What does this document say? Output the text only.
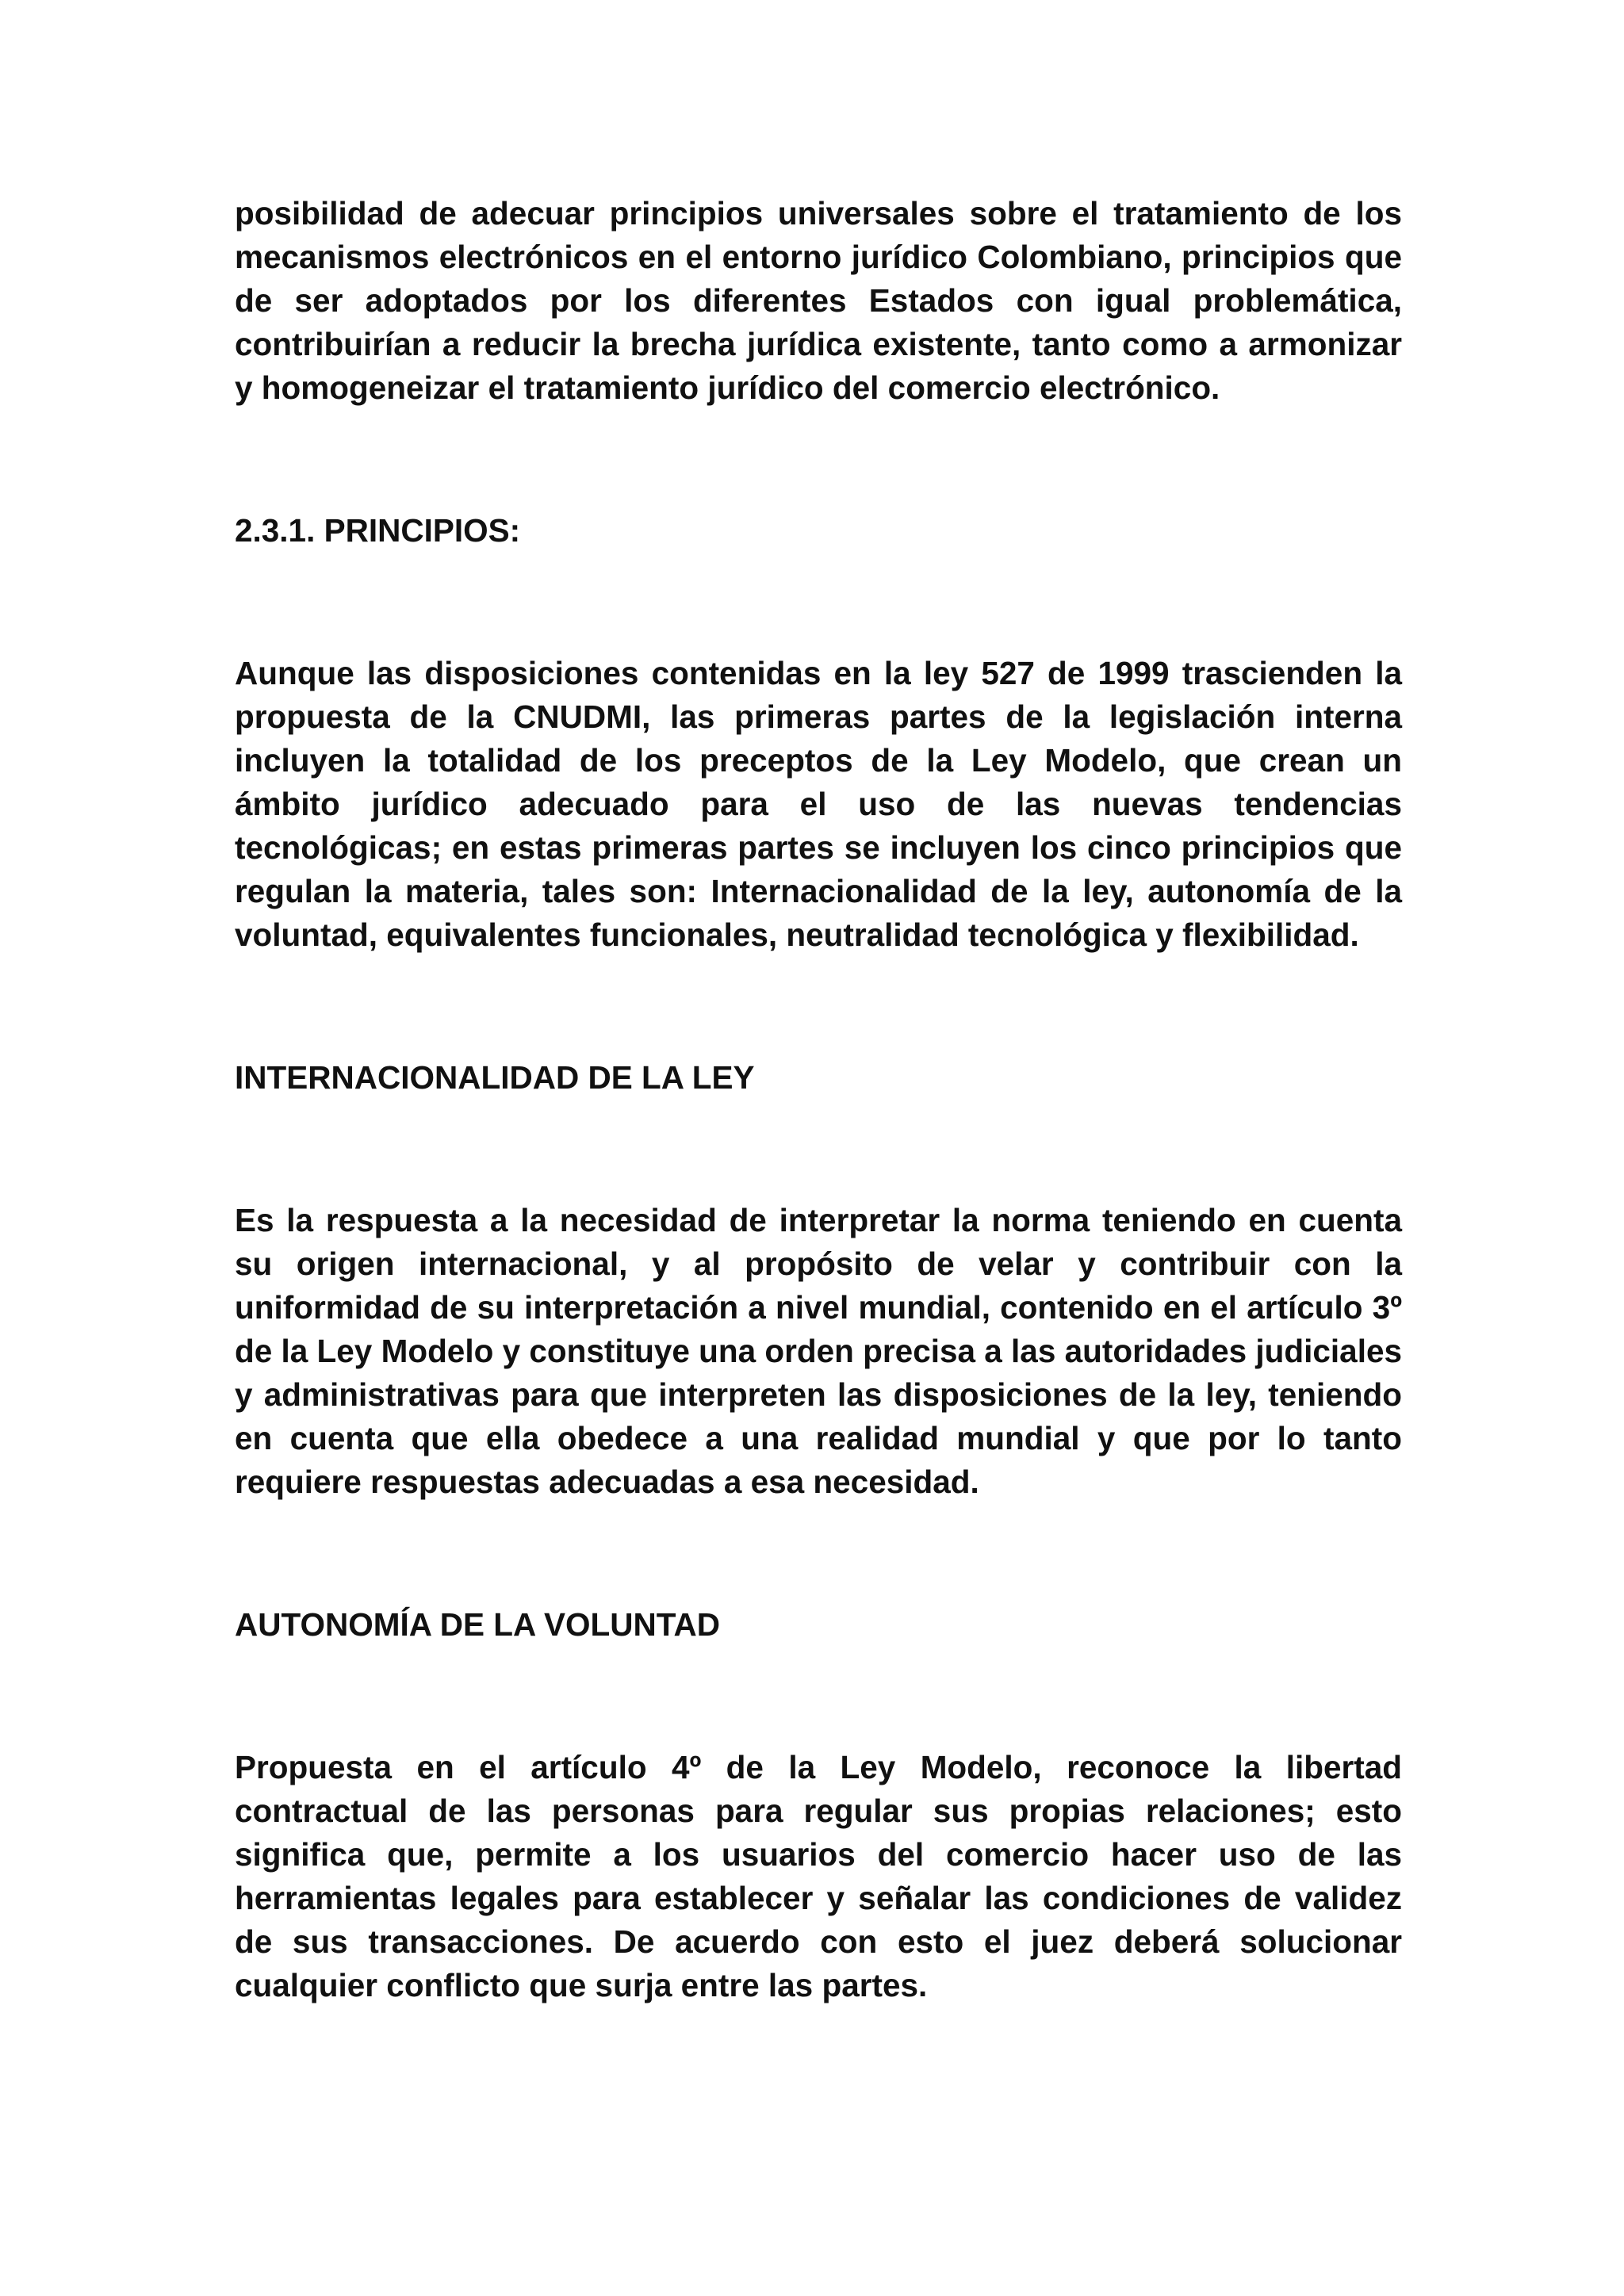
posibilidad de adecuar principios universales sobre el tratamiento de los mecanismos electrónicos en el entorno jurídico Colombiano, principios que de ser adoptados por los diferentes Estados con igual problemática, contribuirían a reducir la brecha jurídica existente, tanto como a armonizar y homogeneizar el tratamiento jurídico del comercio electrónico.

2.3.1. PRINCIPIOS:

Aunque las disposiciones contenidas en la ley 527 de 1999 trascienden la propuesta de la CNUDMI, las primeras partes de la legislación interna incluyen la totalidad de los preceptos de la Ley Modelo, que crean un ámbito jurídico adecuado para el uso de las nuevas tendencias tecnológicas; en estas primeras partes se incluyen los cinco principios que regulan la materia, tales son: Internacionalidad de la ley, autonomía de la voluntad, equivalentes funcionales, neutralidad tecnológica y flexibilidad.

INTERNACIONALIDAD DE LA LEY

Es la respuesta a la necesidad de interpretar la norma teniendo en cuenta su origen internacional, y al propósito de velar y contribuir con la uniformidad de su interpretación a nivel mundial, contenido en el artículo 3º de la Ley Modelo y constituye una orden precisa a las autoridades judiciales y administrativas para que interpreten las disposiciones de la ley, teniendo en cuenta que ella obedece a una realidad mundial y que por lo tanto requiere respuestas adecuadas a esa necesidad.

AUTONOMÍA DE LA VOLUNTAD

Propuesta en el artículo 4º de la Ley Modelo, reconoce la libertad contractual de las personas para regular sus propias relaciones; esto significa que, permite a los usuarios del comercio hacer uso de las herramientas legales para establecer y señalar las condiciones de validez de sus transacciones. De acuerdo con esto el juez deberá solucionar cualquier conflicto que surja entre las partes.
